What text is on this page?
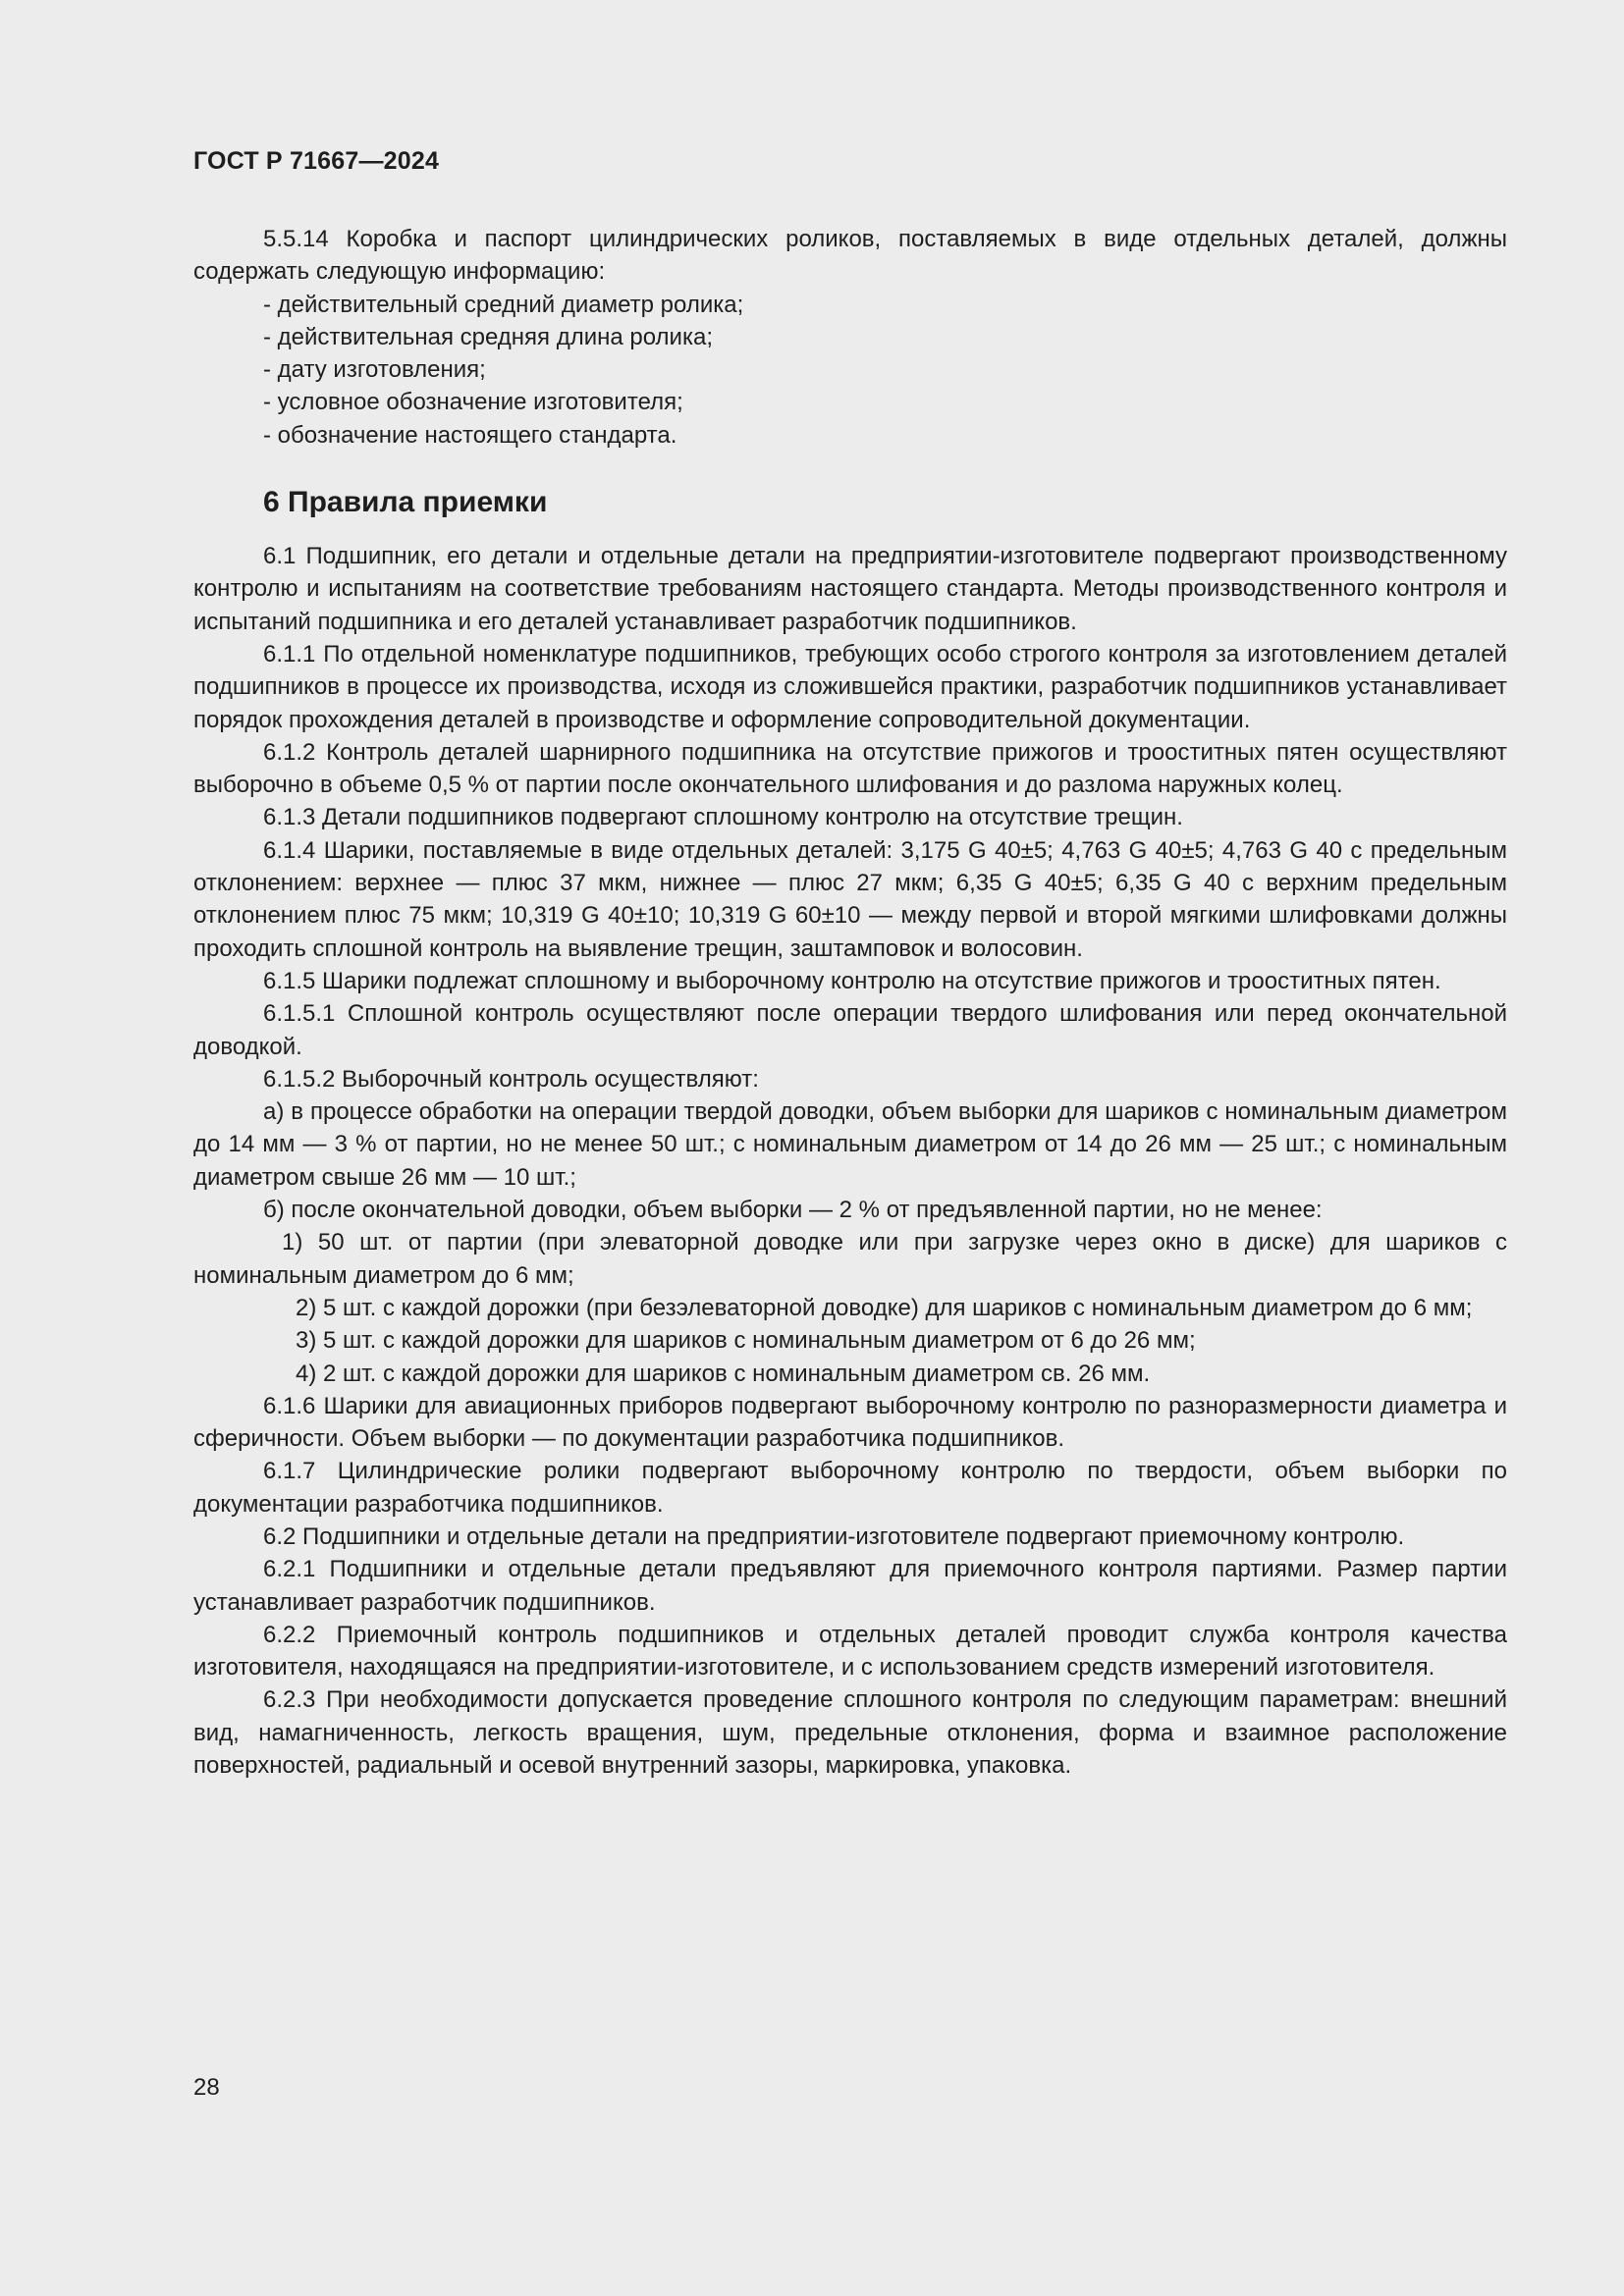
ГОСТ Р 71667—2024

5.5.14 Коробка и паспорт цилиндрических роликов, поставляемых в виде отдельных деталей, должны содержать следующую информацию:

- действительный средний диаметр ролика;

- действительная средняя длина ролика;

- дату изготовления;

- условное обозначение изготовителя;

- обозначение настоящего стандарта.

6 Правила приемки

6.1 Подшипник, его детали и отдельные детали на предприятии-изготовителе подвергают производственному контролю и испытаниям на соответствие требованиям настоящего стандарта. Методы производственного контроля и испытаний подшипника и его деталей устанавливает разработчик подшипников.

6.1.1 По отдельной номенклатуре подшипников, требующих особо строгого контроля за изготовлением деталей подшипников в процессе их производства, исходя из сложившейся практики, разработчик подшипников устанавливает порядок прохождения деталей в производстве и оформление сопроводительной документации.

6.1.2 Контроль деталей шарнирного подшипника на отсутствие прижогов и трооститных пятен осуществляют выборочно в объеме 0,5 % от партии после окончательного шлифования и до разлома наружных колец.

6.1.3 Детали подшипников подвергают сплошному контролю на отсутствие трещин.

6.1.4 Шарики, поставляемые в виде отдельных деталей: 3,175 G 40±5; 4,763 G 40±5; 4,763 G 40 с предельным отклонением: верхнее — плюс 37 мкм, нижнее — плюс 27 мкм; 6,35 G 40±5; 6,35 G 40 с верхним предельным отклонением плюс 75 мкм; 10,319 G 40±10; 10,319 G 60±10 — между первой и второй мягкими шлифовками должны проходить сплошной контроль на выявление трещин, заштамповок и волосовин.

6.1.5 Шарики подлежат сплошному и выборочному контролю на отсутствие прижогов и трооститных пятен.

6.1.5.1 Сплошной контроль осуществляют после операции твердого шлифования или перед окончательной доводкой.

6.1.5.2 Выборочный контроль осуществляют:

а) в процессе обработки на операции твердой доводки, объем выборки для шариков с номинальным диаметром до 14 мм — 3 % от партии, но не менее 50 шт.; с номинальным диаметром от 14 до 26 мм — 25 шт.; с номинальным диаметром свыше 26 мм — 10 шт.;

б) после окончательной доводки, объем выборки — 2 % от предъявленной партии, но не менее:

1) 50 шт. от партии (при элеваторной доводке или при загрузке через окно в диске) для шариков с номинальным диаметром до 6 мм;

2) 5 шт. с каждой дорожки (при безэлеваторной доводке) для шариков с номинальным диаметром до 6 мм;

3) 5 шт. с каждой дорожки для шариков с номинальным диаметром от 6 до 26 мм;

4) 2 шт. с каждой дорожки для шариков с номинальным диаметром св. 26 мм.

6.1.6 Шарики для авиационных приборов подвергают выборочному контролю по разноразмерности диаметра и сферичности. Объем выборки — по документации разработчика подшипников.

6.1.7 Цилиндрические ролики подвергают выборочному контролю по твердости, объем выборки по документации разработчика подшипников.

6.2 Подшипники и отдельные детали на предприятии-изготовителе подвергают приемочному контролю.

6.2.1 Подшипники и отдельные детали предъявляют для приемочного контроля партиями. Размер партии устанавливает разработчик подшипников.

6.2.2 Приемочный контроль подшипников и отдельных деталей проводит служба контроля качества изготовителя, находящаяся на предприятии-изготовителе, и с использованием средств измерений изготовителя.

6.2.3 При необходимости допускается проведение сплошного контроля по следующим параметрам: внешний вид, намагниченность, легкость вращения, шум, предельные отклонения, форма и взаимное расположение поверхностей, радиальный и осевой внутренний зазоры, маркировка, упаковка.

28
